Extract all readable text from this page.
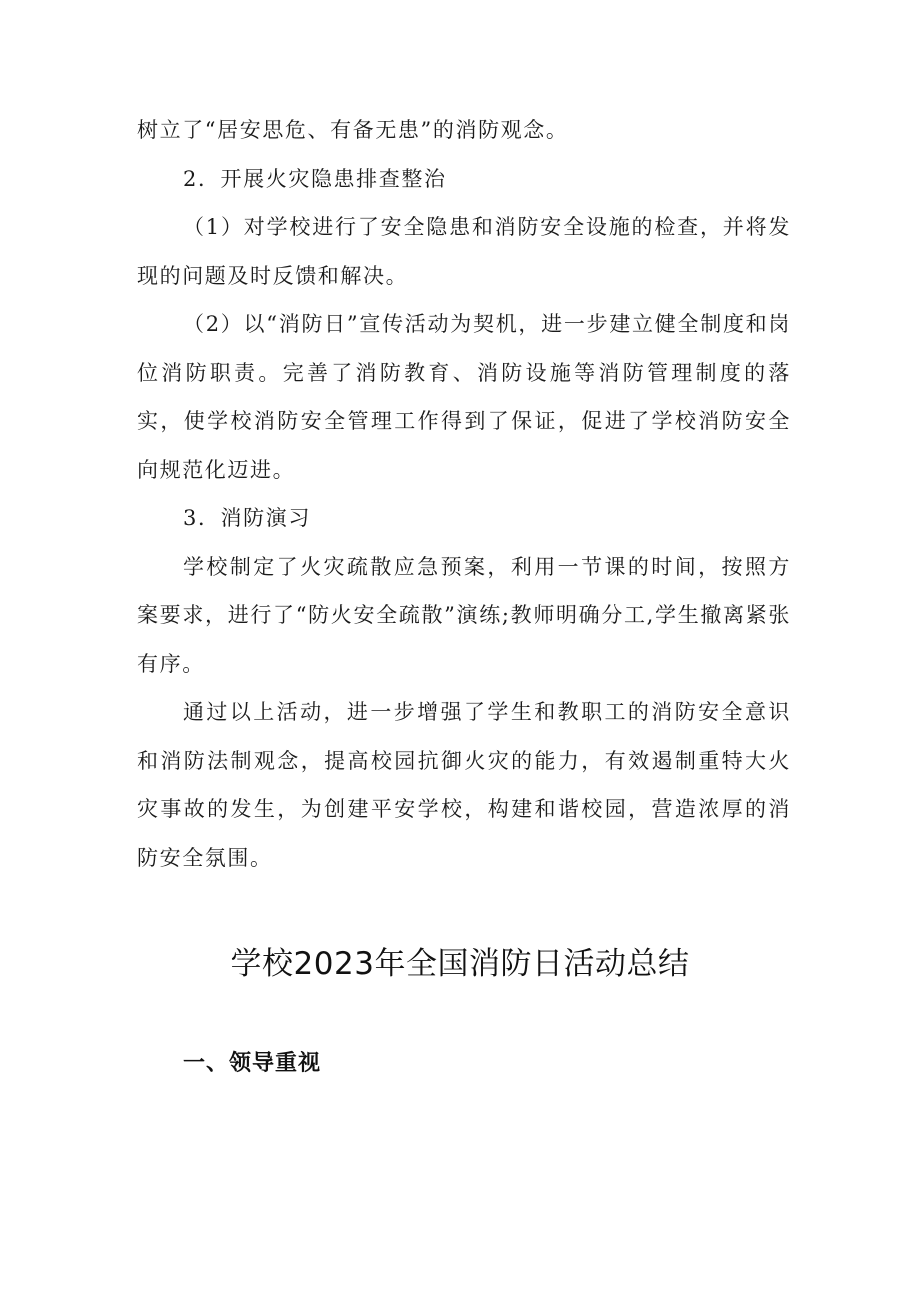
树立了“居安思危、有备无患”的消防观念。

2．开展火灾隐患排查整治

（1）对学校进行了安全隐患和消防安全设施的检查，并将发现的问题及时反馈和解决。

（2）以“消防日”宣传活动为契机，进一步建立健全制度和岗位消防职责。完善了消防教育、消防设施等消防管理制度的落实，使学校消防安全管理工作得到了保证，促进了学校消防安全向规范化迈进。

3．消防演习

学校制定了火灾疏散应急预案，利用一节课的时间，按照方案要求，进行了“防火安全疏散”演练;教师明确分工,学生撤离紧张有序。

通过以上活动，进一步增强了学生和教职工的消防安全意识和消防法制观念，提高校园抗御火灾的能力，有效遏制重特大火灾事故的发生，为创建平安学校，构建和谐校园，营造浓厚的消防安全氛围。

学校2023年全国消防日活动总结
一、领导重视
